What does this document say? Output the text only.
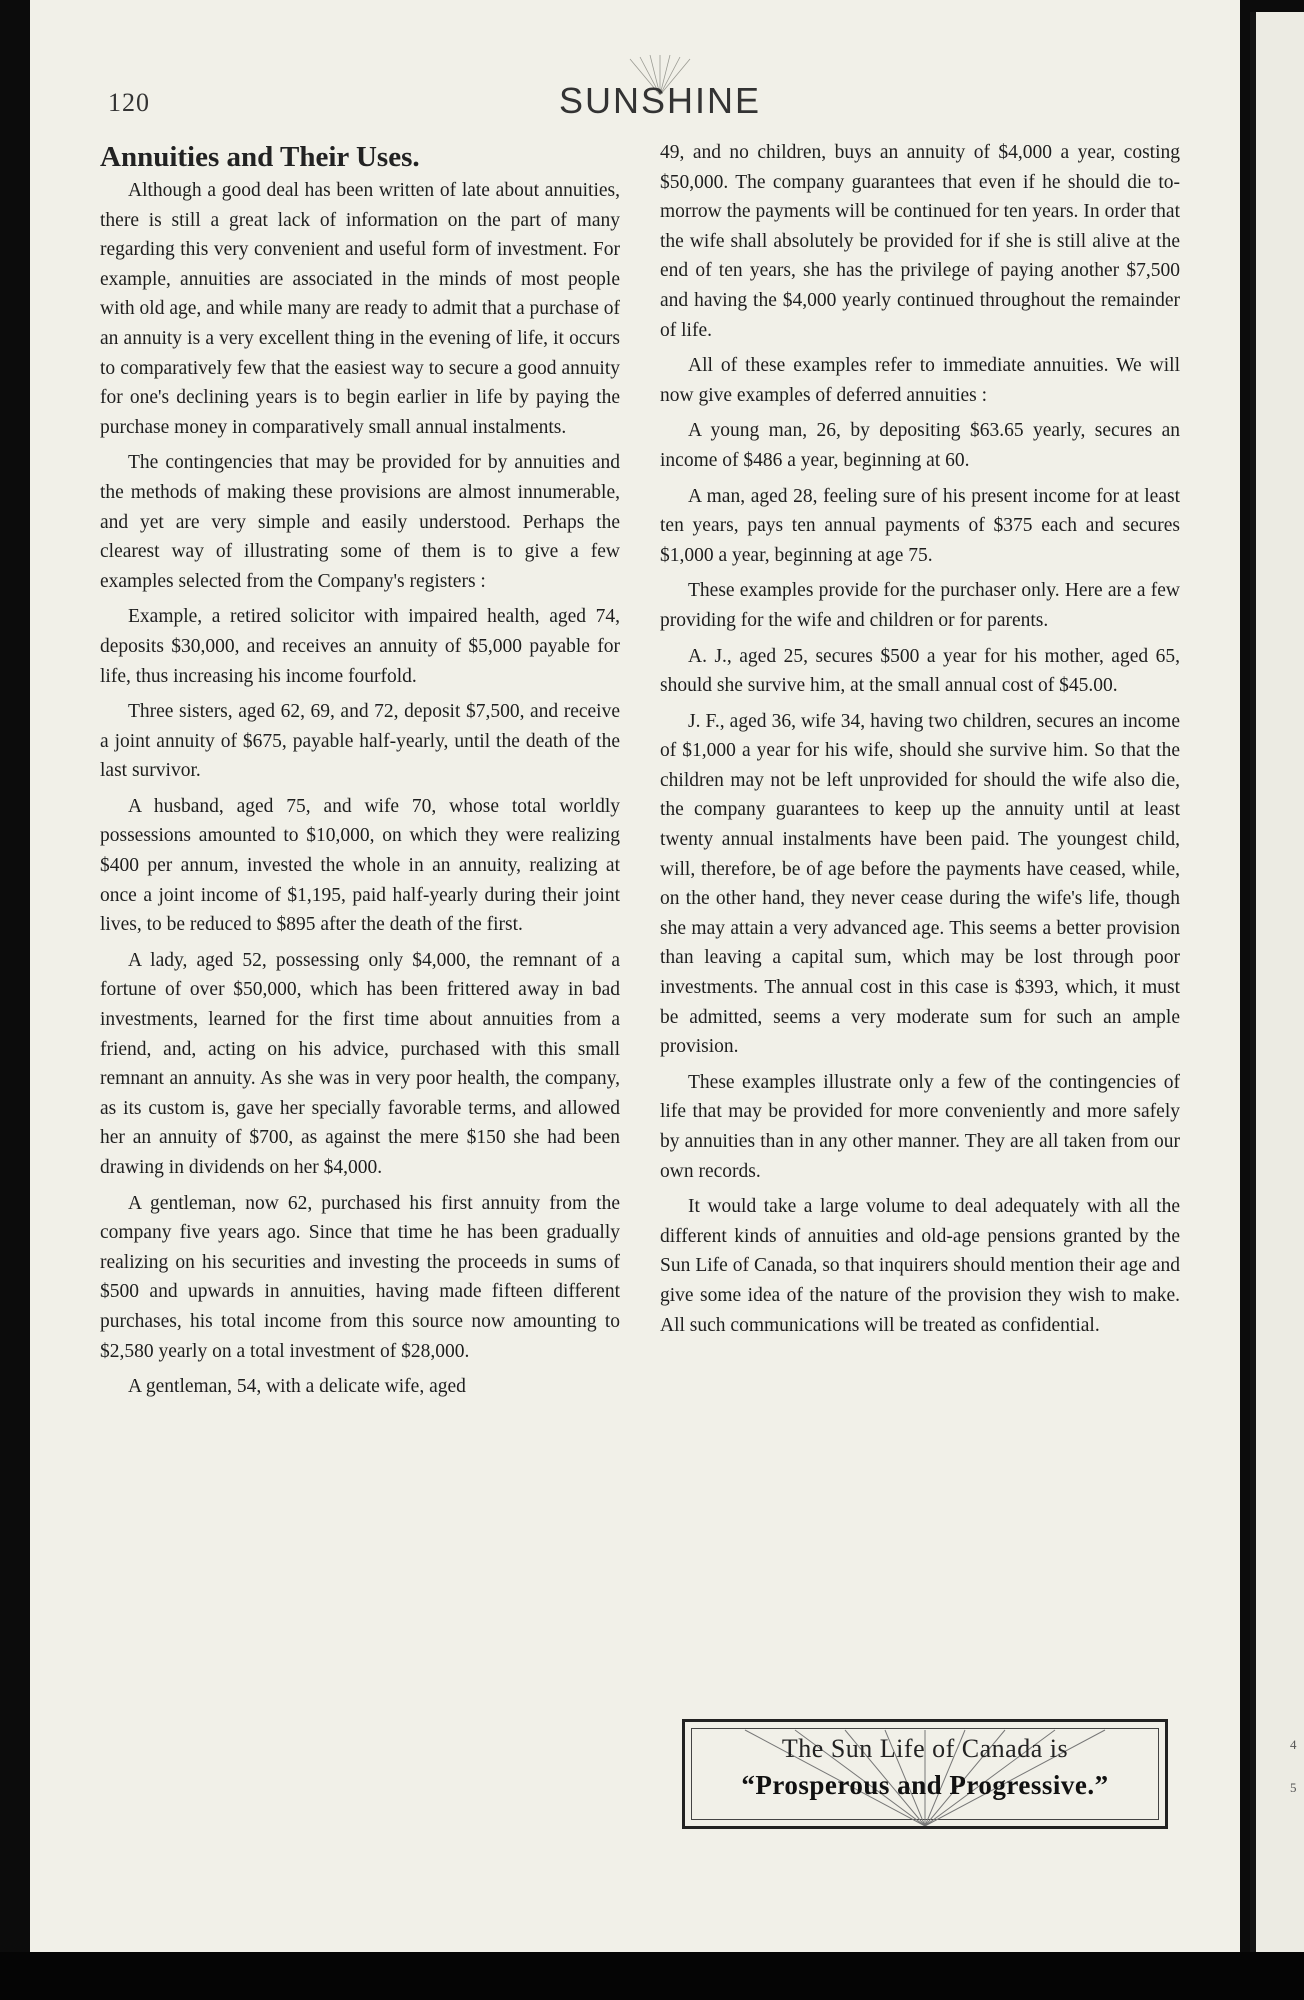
4
5
120	SUNSHINE
Annuities and Their Uses.

Although a good deal has been written of late about annuities, there is still a great lack of information on the part of many regarding this very convenient and useful form of investment. For example, annuities are associated in the minds of most people with old age, and while many are ready to admit that a purchase of an annuity is a very excellent thing in the evening of life, it occurs to comparatively few that the easiest way to secure a good annuity for one's declining years is to begin earlier in life by paying the purchase money in comparatively small annual instalments.

The contingencies that may be provided for by annuities and the methods of making these provisions are almost innumerable, and yet are very simple and easily understood. Perhaps the clearest way of illustrating some of them is to give a few examples selected from the Company's registers :

Example, a retired solicitor with impaired health, aged 74, deposits $30,000, and receives an annuity of $5,000 payable for life, thus increasing his income fourfold.

Three sisters, aged 62, 69, and 72, deposit $7,500, and receive a joint annuity of $675, payable half-yearly, until the death of the last survivor.

A husband, aged 75, and wife 70, whose total worldly possessions amounted to $10,000, on which they were realizing $400 per annum, invested the whole in an annuity, realizing at once a joint income of $1,195, paid half-yearly during their joint lives, to be reduced to $895 after the death of the first.

A lady, aged 52, possessing only $4,000, the remnant of a fortune of over $50,000, which has been frittered away in bad investments, learned for the first time about annuities from a friend, and, acting on his advice, purchased with this small remnant an annuity. As she was in very poor health, the company, as its custom is, gave her specially favorable terms, and allowed her an annuity of $700, as against the mere $150 she had been drawing in dividends on her $4,000.

A gentleman, now 62, purchased his first annuity from the company five years ago. Since that time he has been gradually realizing on his securities and investing the proceeds in sums of $500 and upwards in annuities, having made fifteen different purchases, his total income from this source now amounting to $2,580 yearly on a total investment of $28,000.

A gentleman, 54, with a delicate wife, aged

49, and no children, buys an annuity of $4,000 a year, costing $50,000. The company guarantees that even if he should die to-morrow the payments will be continued for ten years. In order that the wife shall absolutely be provided for if she is still alive at the end of ten years, she has the privilege of paying another $7,500 and having the $4,000 yearly continued throughout the remainder of life.

All of these examples refer to immediate annuities. We will now give examples of deferred annuities :

A young man, 26, by depositing $63.65 yearly, secures an income of $486 a year, beginning at 60.

A man, aged 28, feeling sure of his present income for at least ten years, pays ten annual payments of $375 each and secures $1,000 a year, beginning at age 75.

These examples provide for the purchaser only. Here are a few providing for the wife and children or for parents.

A. J., aged 25, secures $500 a year for his mother, aged 65, should she survive him, at the small annual cost of $45.00.

J. F., aged 36, wife 34, having two children, secures an income of $1,000 a year for his wife, should she survive him. So that the children may not be left unprovided for should the wife also die, the company guarantees to keep up the annuity until at least twenty annual instalments have been paid. The youngest child, will, therefore, be of age before the payments have ceased, while, on the other hand, they never cease during the wife's life, though she may attain a very advanced age. This seems a better provision than leaving a capital sum, which may be lost through poor investments. The annual cost in this case is $393, which, it must be admitted, seems a very moderate sum for such an ample provision.

These examples illustrate only a few of the contingencies of life that may be provided for more conveniently and more safely by annuities than in any other manner. They are all taken from our own records.

It would take a large volume to deal adequately with all the different kinds of annuities and old-age pensions granted by the Sun Life of Canada, so that inquirers should mention their age and give some idea of the nature of the provision they wish to make. All such communications will be treated as confidential.

The Sun Life of Canada is
“Prosperous and Progressive.”
